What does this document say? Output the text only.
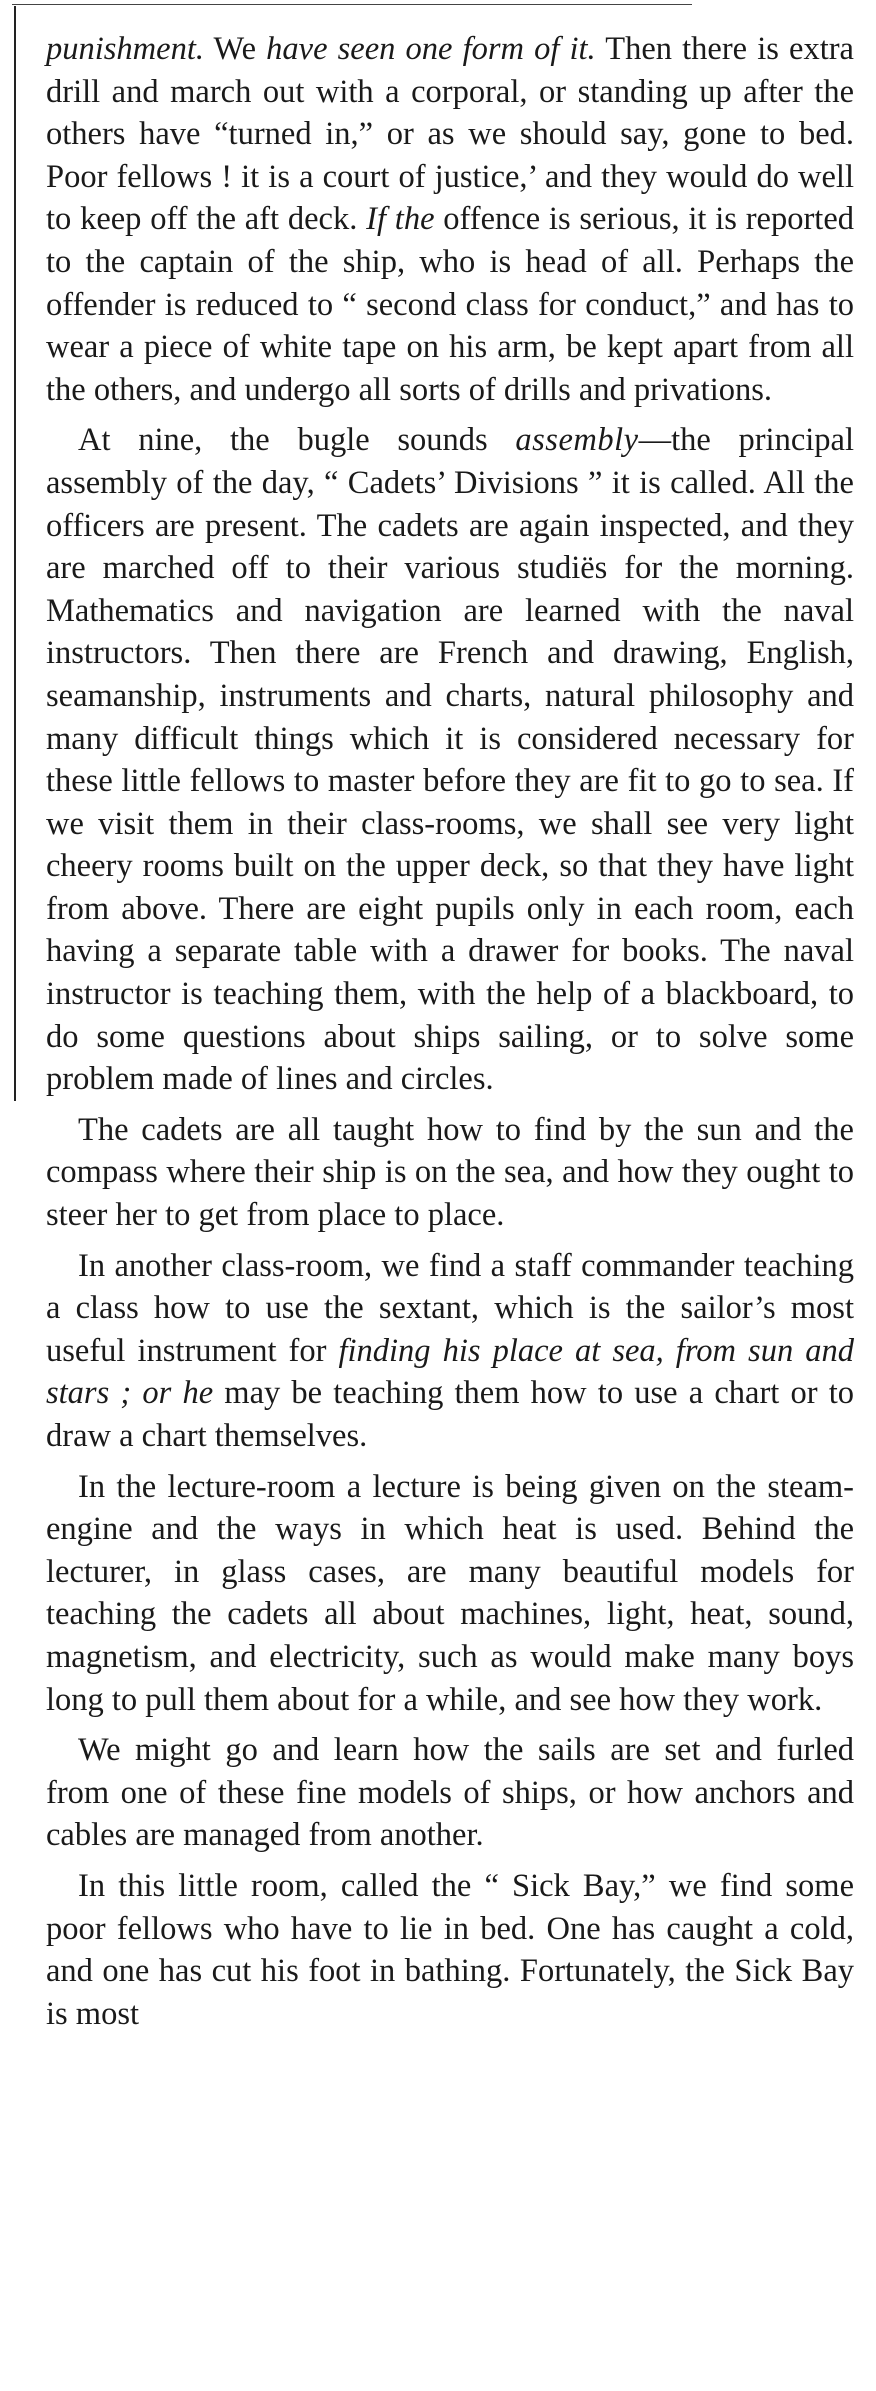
punishment. We have seen one form of it. Then there is extra drill and march out with a corporal, or standing up after the others have “turned in,” or as we should say, gone to bed. Poor fellows ! it is a court of justice,’ and they would do well to keep off the aft deck. If the offence is serious, it is reported to the captain of the ship, who is head of all. Perhaps the offender is reduced to “ second class for conduct,” and has to wear a piece of white tape on his arm, be kept apart from all the others, and undergo all sorts of drills and privations.

At nine, the bugle sounds assembly—the principal assembly of the day, “ Cadets’ Divisions ” it is called. All the officers are present. The cadets are again inspected, and they are marched off to their various studiës for the morning. Mathematics and navigation are learned with the naval instructors. Then there are French and drawing, English, seamanship, instruments and charts, natural philosophy and many difficult things which it is considered necessary for these little fellows to master before they are fit to go to sea. If we visit them in their class-rooms, we shall see very light cheery rooms built on the upper deck, so that they have light from above. There are eight pupils only in each room, each having a separate table with a drawer for books. The naval instructor is teaching them, with the help of a blackboard, to do some questions about ships sailing, or to solve some problem made of lines and circles.

The cadets are all taught how to find by the sun and the compass where their ship is on the sea, and how they ought to steer her to get from place to place.

In another class-room, we find a staff commander teaching a class how to use the sextant, which is the sailor’s most useful instrument for finding his place at sea, from sun and stars ; or he may be teaching them how to use a chart or to draw a chart themselves.

In the lecture-room a lecture is being given on the steam-engine and the ways in which heat is used. Behind the lecturer, in glass cases, are many beautiful models for teaching the cadets all about machines, light, heat, sound, magnetism, and electricity, such as would make many boys long to pull them about for a while, and see how they work.

We might go and learn how the sails are set and furled from one of these fine models of ships, or how anchors and cables are managed from another.

In this little room, called the “ Sick Bay,” we find some poor fellows who have to lie in bed. One has caught a cold, and one has cut his foot in bathing. Fortunately, the Sick Bay is most
